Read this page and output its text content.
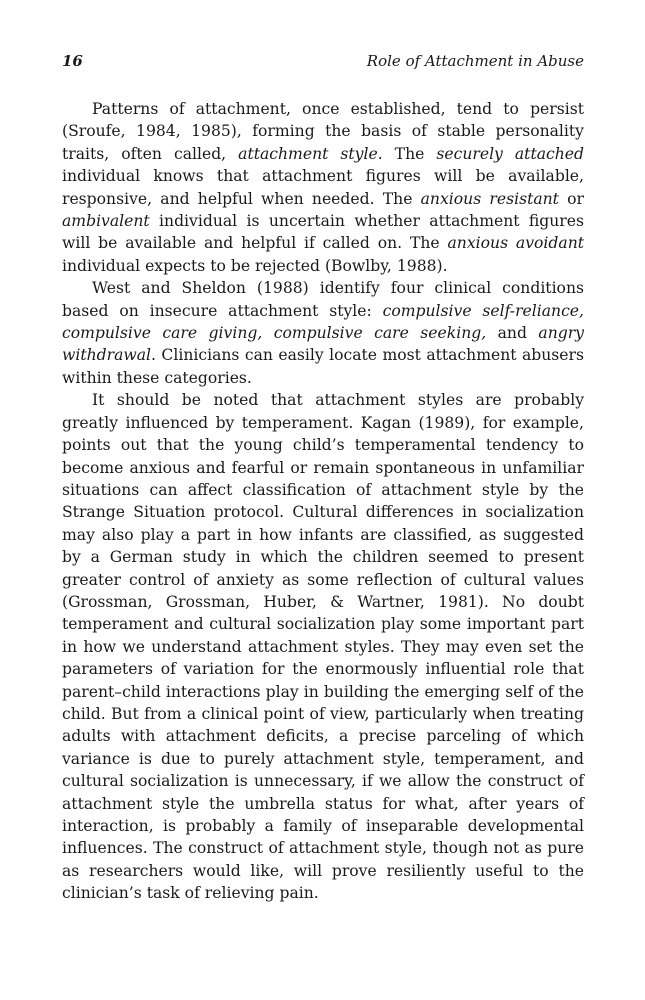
16	Role of Attachment in Abuse

Patterns of attachment, once established, tend to persist (Sroufe, 1984, 1985), forming the basis of stable personality traits, often called, attachment style. The securely attached individual knows that attachment figures will be available, responsive, and helpful when needed. The anxious resistant or ambivalent individual is uncertain whether attachment figures will be available and helpful if called on. The anxious avoidant individual expects to be rejected (Bowlby, 1988).

West and Sheldon (1988) identify four clinical conditions based on insecure attachment style: compulsive self-reliance, compulsive care giving, compulsive care seeking, and angry withdrawal. Clinicians can easily locate most attachment abusers within these categories.

It should be noted that attachment styles are probably greatly influenced by temperament. Kagan (1989), for example, points out that the young child’s temperamental tendency to become anxious and fearful or remain spontaneous in unfamiliar situations can affect classification of attachment style by the Strange Situation protocol. Cultural differences in socialization may also play a part in how infants are classified, as suggested by a German study in which the children seemed to present greater control of anxiety as some reflection of cultural values (Grossman, Grossman, Huber, & Wartner, 1981). No doubt temperament and cultural socialization play some important part in how we understand attachment styles. They may even set the parameters of variation for the enormously influential role that parent–child interactions play in building the emerging self of the child. But from a clinical point of view, particularly when treating adults with attachment deficits, a precise parceling of which variance is due to purely attachment style, temperament, and cultural socialization is unnecessary, if we allow the construct of attachment style the umbrella status for what, after years of interaction, is probably a family of inseparable developmental influences. The construct of attachment style, though not as pure as researchers would like, will prove resiliently useful to the clinician’s task of relieving pain.
